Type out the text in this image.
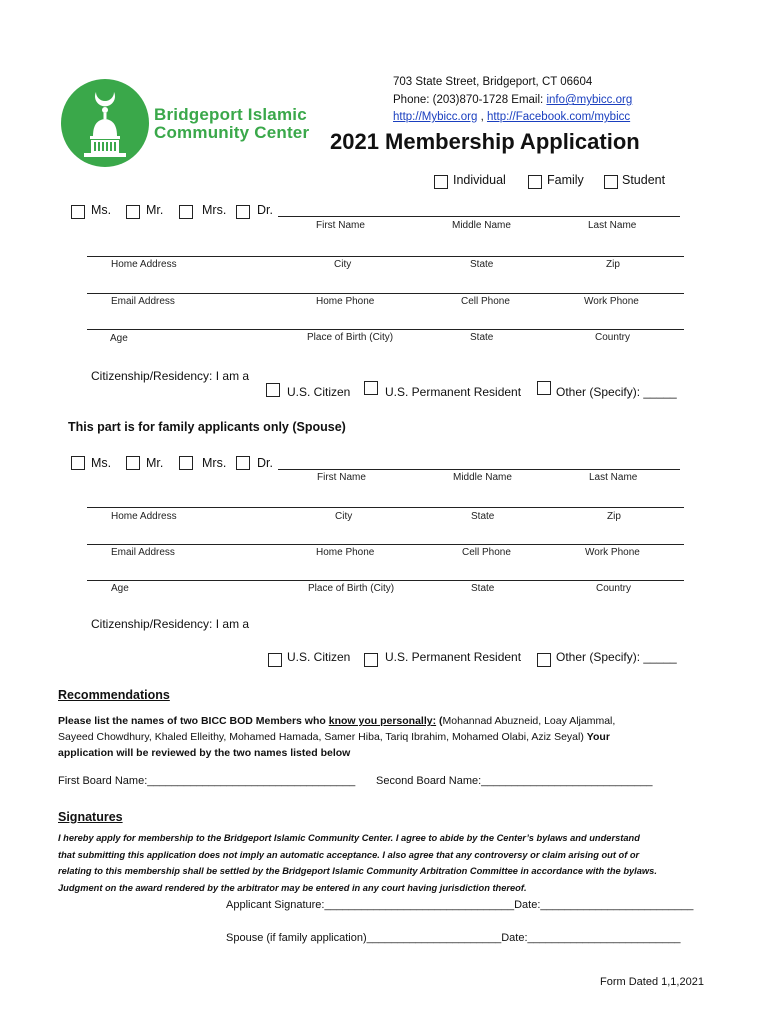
Bridgeport Islamic
Community Center
703 State Street, Bridgeport, CT 06604
Phone: (203)870-1728 Email: info@mybicc.org
http://Mybicc.org , http://Facebook.com/mybicc
2021 Membership Application
Individual	Family	Student
Ms.	Mr.	Mrs. Dr.
First Name	Middle Name	Last Name
Home Address	City	State	Zip
Email Address	Home Phone	Cell Phone	Work Phone
Age	Place of Birth (City)	State	Country
Citizenship/Residency: I am a
U.S. Citizen	U.S. Permanent Resident	Other (Specify): _____
This part is for family applicants only (Spouse)
Ms.	Mr.	Mrs. Dr.
First Name	Middle Name	Last Name
Home Address	City	State	Zip
Email Address	Home Phone	Cell Phone	Work Phone
Age	Place of Birth (City)	State	Country
Citizenship/Residency: I am a
U.S. Citizen	U.S. Permanent Resident	Other (Specify): _____
Recommendations
Please list the names of two BICC BOD Members who know you personally: (Mohannad Abuzneid, Loay Aljammal,
Sayeed Chowdhury, Khaled Elleithy, Mohamed Hamada, Samer Hiba, Tariq Ibrahim, Mohamed Olabi, Aziz Seyal) Your
application will be reviewed by the two names listed below
First Board Name:__________________________________ Second Board Name:____________________________
Signatures
I hereby apply for membership to the Bridgeport Islamic Community Center. I agree to abide by the Center’s bylaws and understand
that submitting this application does not imply an automatic acceptance. I also agree that any controversy or claim arising out of or
relating to this membership shall be settled by the Bridgeport Islamic Community Arbitration Committee in accordance with the bylaws.
Judgment on the award rendered by the arbitrator may be entered in any court having jurisdiction thereof.
Applicant Signature:_______________________________Date:_________________________
Spouse (if family application)______________________Date:_________________________
Form Dated 1,1,2021
